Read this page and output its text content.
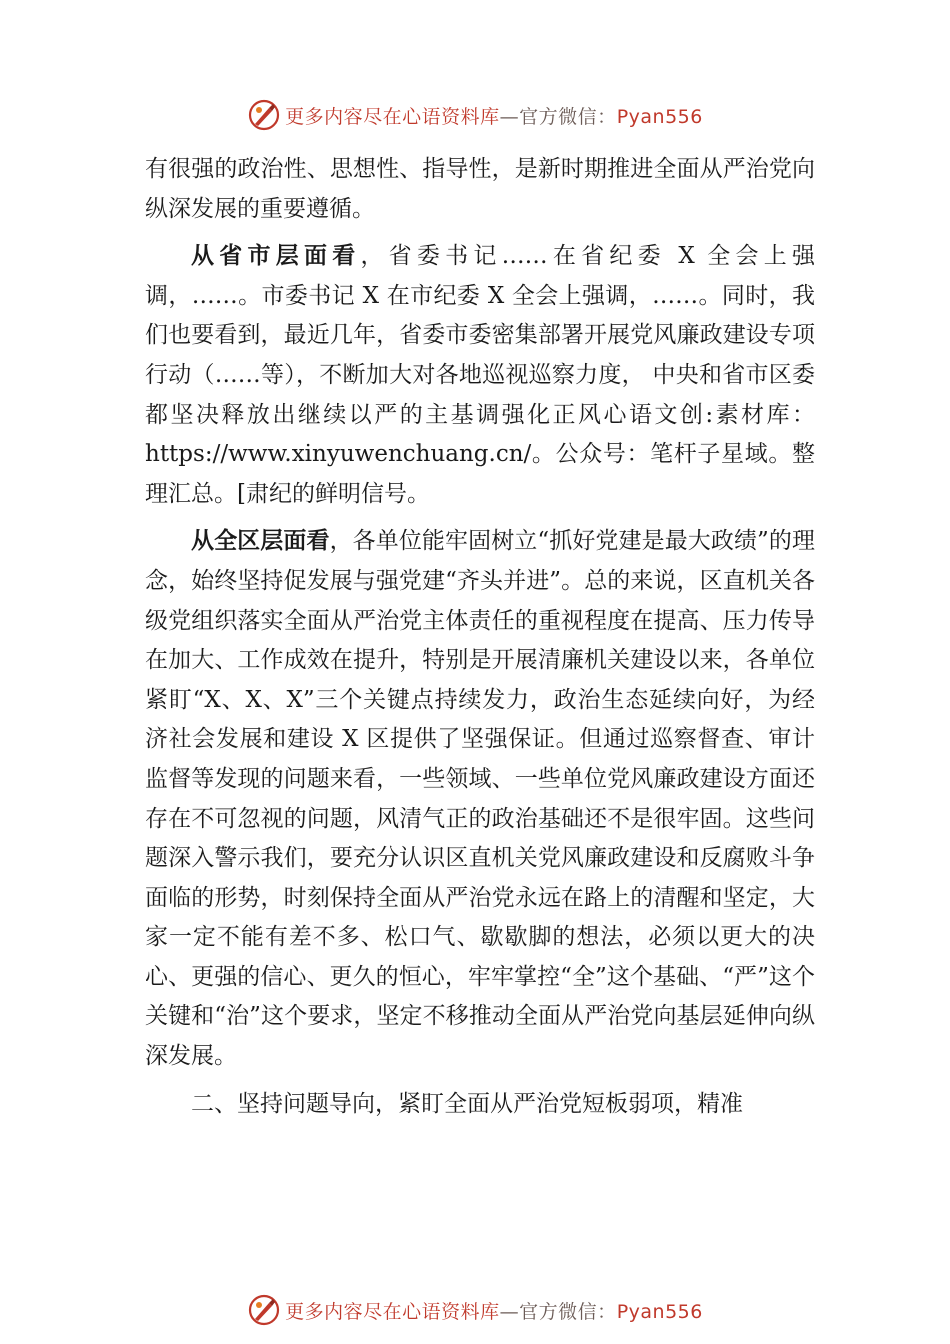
更多内容尽在心语资料库—官方微信：Pyan556

有很强的政治性、思想性、指导性，是新时期推进全面从严治党向纵深发展的重要遵循。

从省市层面看，省委书记……在省纪委 X 全会上强调，……。市委书记 X 在市纪委 X 全会上强调，……。同时，我们也要看到，最近几年，省委市委密集部署开展党风廉政建设专项行动（……等），不断加大对各地巡视巡察力度， 中央和省市区委都坚决释放出继续以严的主基调强化正风心语文创:素材库：https://www.xinyuwenchuang.cn/。公众号：笔杆子星域。整理汇总。[肃纪的鲜明信号。

从全区层面看，各单位能牢固树立“抓好党建是最大政绩”的理念，始终坚持促发展与强党建“齐头并进”。总的来说，区直机关各级党组织落实全面从严治党主体责任的重视程度在提高、压力传导在加大、工作成效在提升，特别是开展清廉机关建设以来，各单位紧盯“X、X、X”三个关键点持续发力，政治生态延续向好，为经济社会发展和建设 X 区提供了坚强保证。但通过巡察督查、审计监督等发现的问题来看，一些领域、一些单位党风廉政建设方面还存在不可忽视的问题，风清气正的政治基础还不是很牢固。这些问题深入警示我们，要充分认识区直机关党风廉政建设和反腐败斗争面临的形势，时刻保持全面从严治党永远在路上的清醒和坚定，大家一定不能有差不多、松口气、歇歇脚的想法，必须以更大的决心、更强的信心、更久的恒心，牢牢掌控“全”这个基础、“严”这个关键和“治”这个要求，坚定不移推动全面从严治党向基层延伸向纵深发展。

二、坚持问题导向，紧盯全面从严治党短板弱项，精准

更多内容尽在心语资料库—官方微信：Pyan556
